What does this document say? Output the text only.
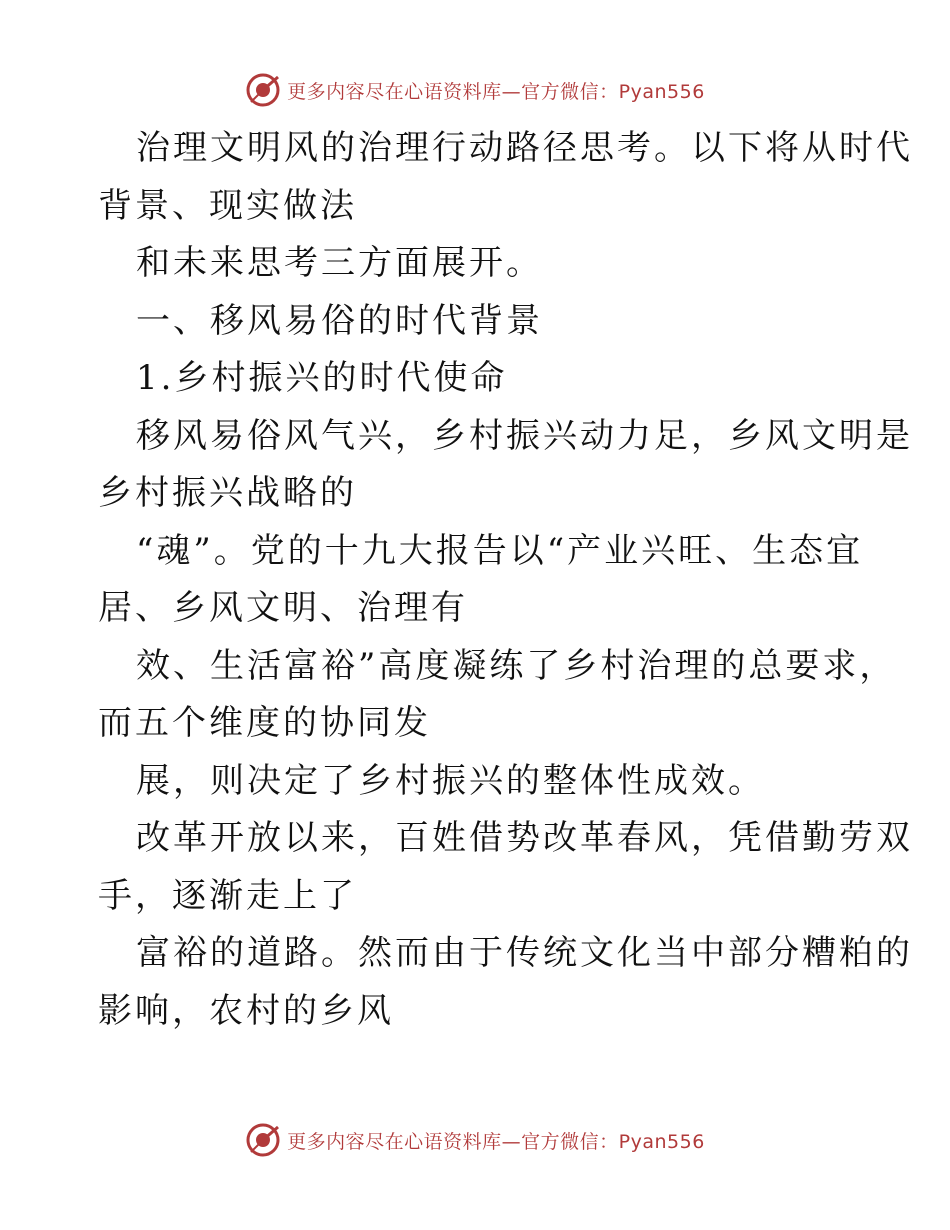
更多内容尽在心语资料库—官方微信：Pyan556
治理文明风的治理行动路径思考。以下将从时代
背景、现实做法
和未来思考三方面展开。
一、移风易俗的时代背景
1.乡村振兴的时代使命
移风易俗风气兴，乡村振兴动力足，乡风文明是
乡村振兴战略的
“魂”。党的十九大报告以“产业兴旺、生态宜
居、乡风文明、治理有
效、生活富裕”高度凝练了乡村治理的总要求，
而五个维度的协同发
展，则决定了乡村振兴的整体性成效。
改革开放以来，百姓借势改革春风，凭借勤劳双
手，逐渐走上了
富裕的道路。然而由于传统文化当中部分糟粕的
影响，农村的乡风
更多内容尽在心语资料库—官方微信：Pyan556
